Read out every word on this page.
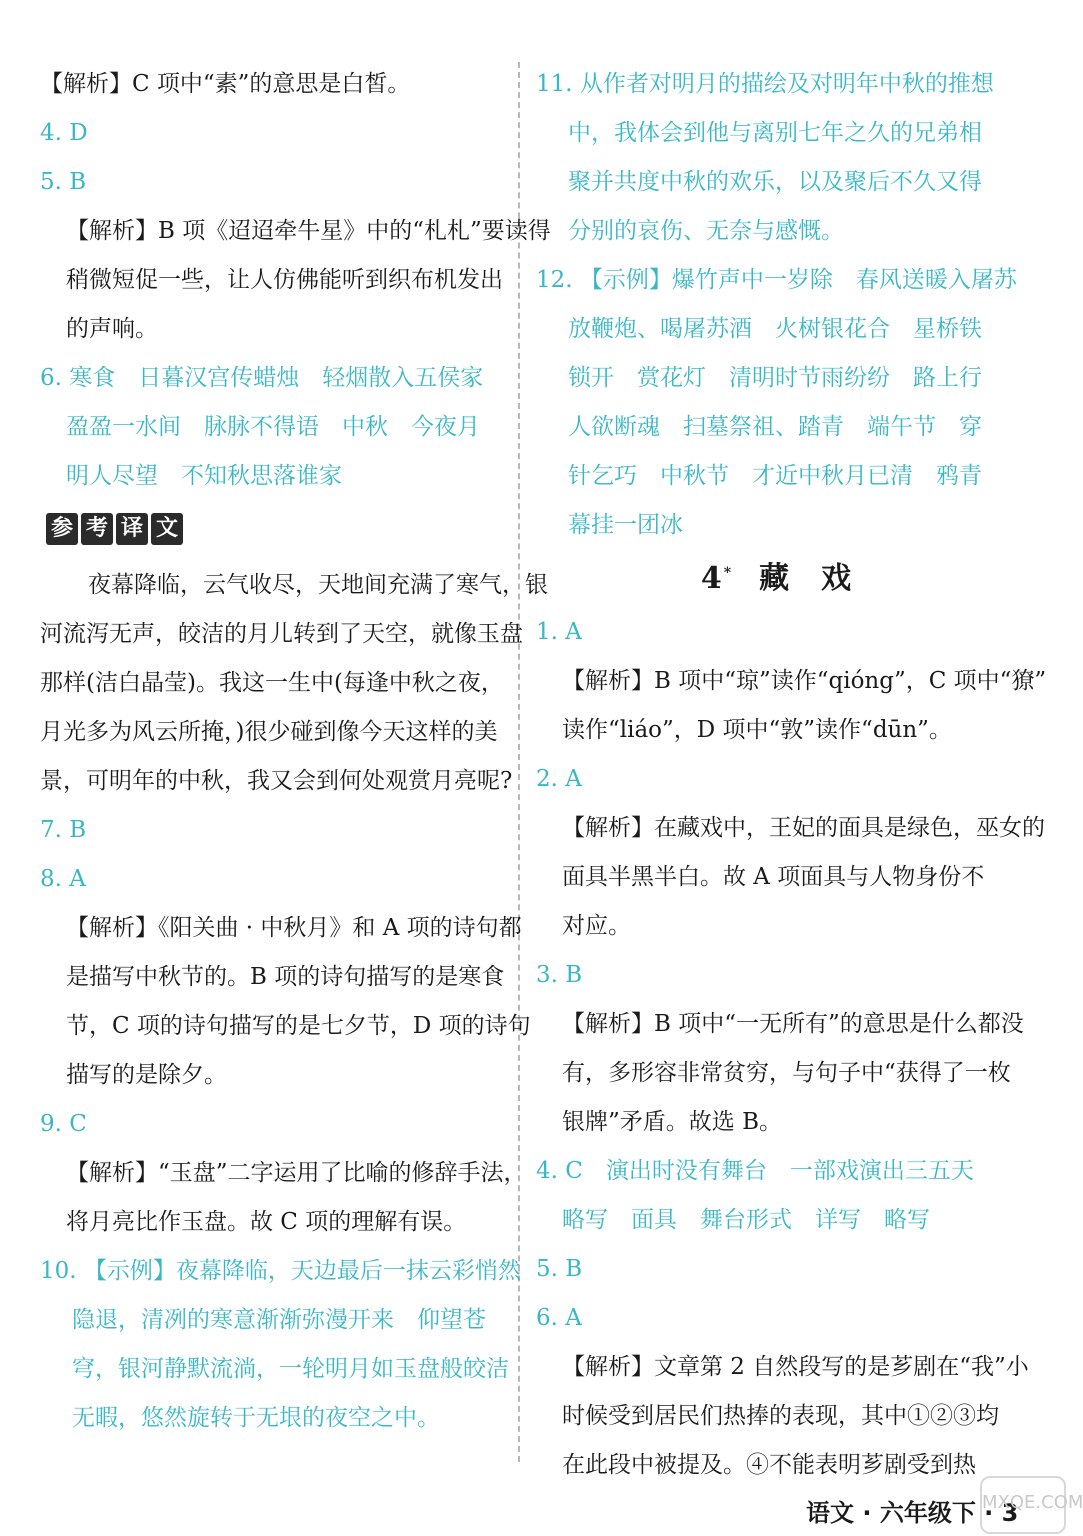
【解析】C 项中“素”的意思是白皙。
4. D
5. B
【解析】B 项《迢迢牵牛星》中的“札札”要读得
稍微短促一些，让人仿佛能听到织布机发出
的声响。
6. 寒食　日暮汉宫传蜡烛　轻烟散入五侯家
盈盈一水间　脉脉不得语　中秋　今夜月
明人尽望　不知秋思落谁家
参 考 译 文
夜幕降临，云气收尽，天地间充满了寒气，银
河流泻无声，皎洁的月儿转到了天空，就像玉盘
那样(洁白晶莹)。我这一生中(每逢中秋之夜，
月光多为风云所掩，)很少碰到像今天这样的美
景，可明年的中秋，我又会到何处观赏月亮呢?
7. B
8. A
【解析】《阳关曲 · 中秋月》和 A 项的诗句都
是描写中秋节的。B 项的诗句描写的是寒食
节，C 项的诗句描写的是七夕节，D 项的诗句
描写的是除夕。
9. C
【解析】“玉盘”二字运用了比喻的修辞手法，
将月亮比作玉盘。故 C 项的理解有误。
10. 【示例】夜幕降临，天边最后一抹云彩悄然
隐退，清冽的寒意渐渐弥漫开来　仰望苍
穹，银河静默流淌，一轮明月如玉盘般皎洁
无暇，悠然旋转于无垠的夜空之中。
11. 从作者对明月的描绘及对明年中秋的推想
中，我体会到他与离别七年之久的兄弟相
聚并共度中秋的欢乐，以及聚后不久又得
分别的哀伤、无奈与感慨。
12. 【示例】爆竹声中一岁除　春风送暖入屠苏
放鞭炮、喝屠苏酒　火树银花合　星桥铁
锁开　赏花灯　清明时节雨纷纷　路上行
人欲断魂　扫墓祭祖、踏青　端午节　穿
针乞巧　中秋节　才近中秋月已清　鸦青
幕挂一团冰
4* 藏 戏
1. A
【解析】B 项中“琼”读作“qióng”，C 项中“獠”
读作“liáo”，D 项中“敦”读作“dūn”。
2. A
【解析】在藏戏中，王妃的面具是绿色，巫女的
面具半黑半白。故 A 项面具与人物身份不
对应。
3. B
【解析】B 项中“一无所有”的意思是什么都没
有，多形容非常贫穷，与句子中“获得了一枚
银牌”矛盾。故选 B。
4. C　演出时没有舞台　一部戏演出三五天
略写　面具　舞台形式　详写　略写
5. B
6. A
【解析】文章第 2 自然段写的是芗剧在“我”小
时候受到居民们热捧的表现，其中①②③均
在此段中被提及。④不能表明芗剧受到热
语文 · 六年级下 · 3
MXQE.COM
